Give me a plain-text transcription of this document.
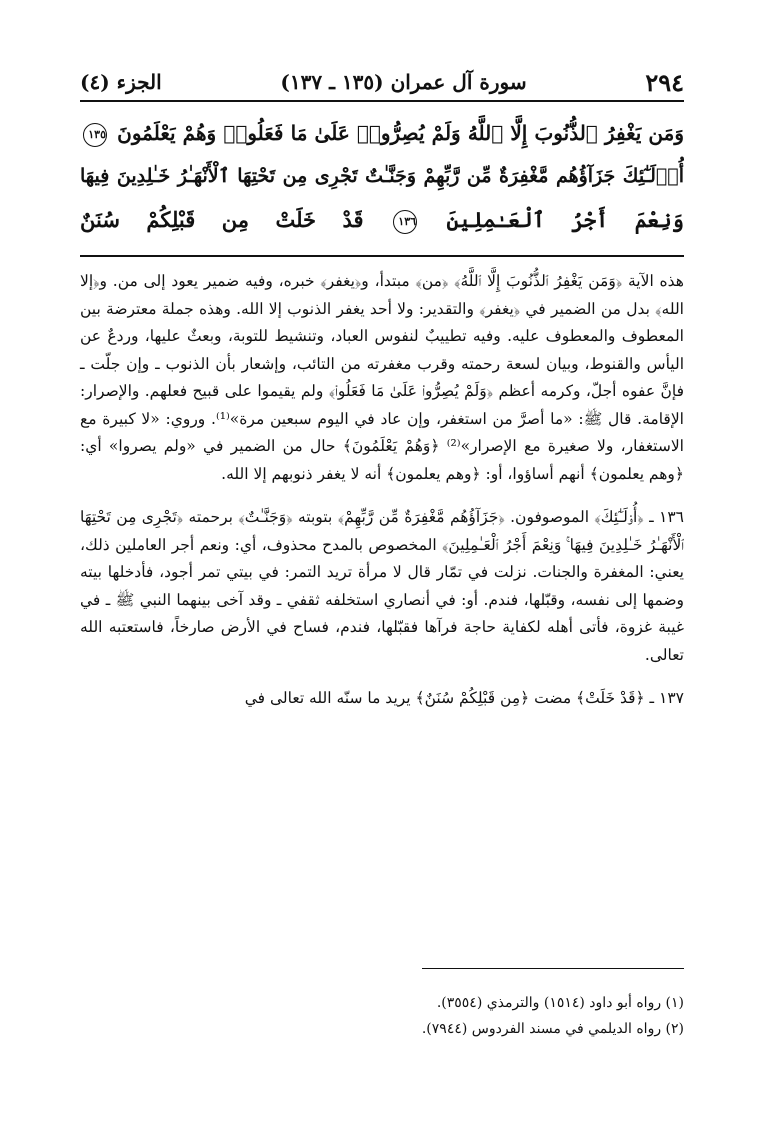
٢٩٤
سورة آل عمران (١٣٥ ـ ١٣٧)
الجزء (٤)
وَمَن يَغْفِرُ ٱلذُّنُوبَ إِلَّا ٱللَّهُ وَلَمْ يُصِرُّوا۟ عَلَىٰ مَا فَعَلُوا۟ وَهُمْ يَعْلَمُونَ ١٣٥
أُو۟لَـٰٓئِكَ جَزَآؤُهُم مَّغْفِرَةٌ مِّن رَّبِّهِمْ وَجَنَّـٰتٌ تَجْرِى مِن تَحْتِهَا ٱلْأَنْهَـٰرُ خَـٰلِدِينَ فِيهَا
وَنِعْمَ أَجْرُ ٱلْعَـٰمِلِينَ ١٣٦ قَدْ خَلَتْ مِن قَبْلِكُمْ سُنَنٌ

هذه الآية ﴿وَمَن يَغْفِرُ ٱلذُّنُوبَ إِلَّا ٱللَّهُ﴾ ﴿من﴾ مبتدأ، و﴿يغفر﴾ خبره، وفيه ضمير يعود إلى من. و﴿إلا الله﴾ بدل من الضمير في ﴿يغفر﴾ والتقدير: ولا أحد يغفر الذنوب إلا الله. وهذه جملة معترضة بين المعطوف والمعطوف عليه. وفيه تطييبٌ لنفوس العباد، وتنشيط للتوبة، وبعثٌ عليها، وردعٌ عن اليأس والقنوط، وبيان لسعة رحمته وقرب مغفرته من التائب، وإشعار بأن الذنوب ـ وإن جلّت ـ فإنَّ عفوه أجلّ، وكرمه أعظم ﴿وَلَمْ يُصِرُّوا۟ عَلَىٰ مَا فَعَلُوا۟﴾ ولم يقيموا على قبيح فعلهم. والإصرار: الإقامة. قال ﷺ: «ما أصرَّ من استغفر، وإن عاد في اليوم سبعين مرة»⁽¹⁾. وروي: «لا كبيرة مع الاستغفار، ولا صغيرة مع الإصرار»⁽²⁾ ﴿وَهُمْ يَعْلَمُونَ﴾ حال من الضمير في «ولم يصروا» أي: ﴿وهم يعلمون﴾ أنهم أساؤوا، أو: ﴿وهم يعلمون﴾ أنه لا يغفر ذنوبهم إلا الله.

١٣٦ ـ ﴿أُو۟لَـٰٓئِكَ﴾ الموصوفون. ﴿جَزَآؤُهُم مَّغْفِرَةٌ مِّن رَّبِّهِمْ﴾ بتوبته ﴿وَجَنَّـٰتٌ﴾ برحمته ﴿تَجْرِى مِن تَحْتِهَا ٱلْأَنْهَـٰرُ خَـٰلِدِينَ فِيهَا ۚ وَنِعْمَ أَجْرُ ٱلْعَـٰمِلِينَ﴾ المخصوص بالمدح محذوف، أي: ونعم أجر العاملين ذلك، يعني: المغفرة والجنات. نزلت في تمّار قال لا مرأة تريد التمر: في بيتي تمر أجود، فأدخلها بيته وضمها إلى نفسه، وقبّلها، فندم. أو: في أنصاري استخلفه ثقفي ـ وقد آخى بينهما النبي ﷺ ـ في غيبة غزوة، فأتى أهله لكفاية حاجة فرآها فقبّلها، فندم، فساح في الأرض صارخاً، فاستعتبه الله تعالى.

١٣٧ ـ ﴿قَدْ خَلَتْ﴾ مضت ﴿مِن قَبْلِكُمْ سُنَنٌ﴾ يريد ما سنّه الله تعالى في

(١) رواه أبو داود (١٥١٤) والترمذي (٣٥٥٤).
(٢) رواه الديلمي في مسند الفردوس (٧٩٤٤).
